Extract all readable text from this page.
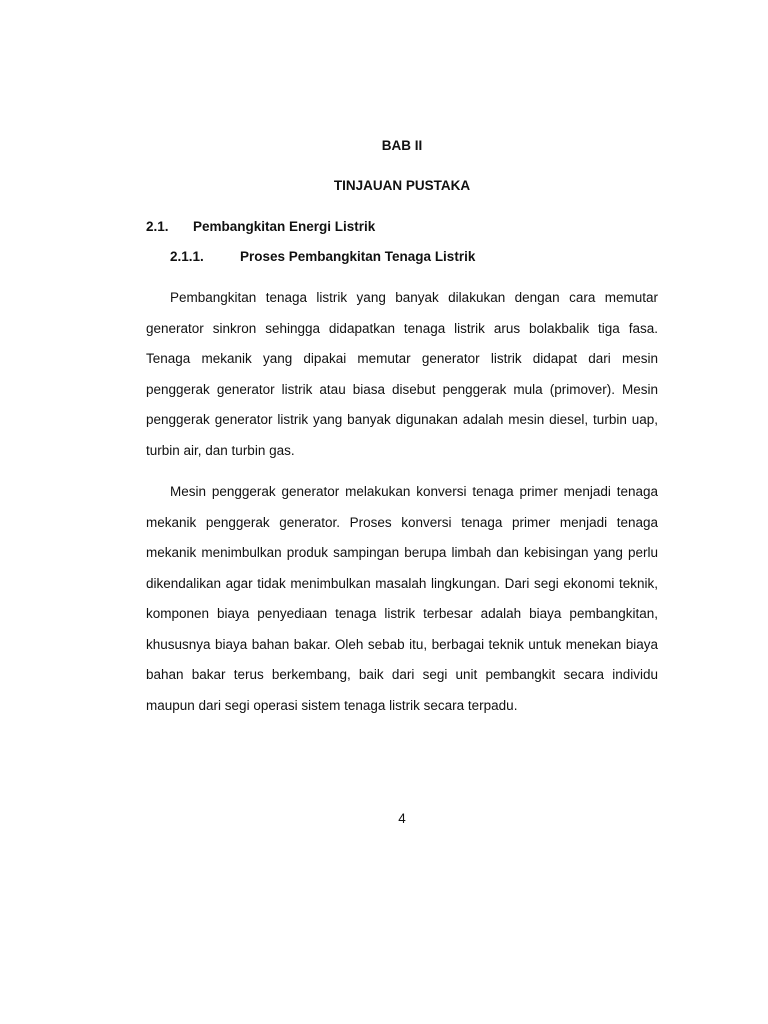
BAB II
TINJAUAN PUSTAKA
2.1. Pembangkitan Energi Listrik
2.1.1.	Proses Pembangkitan Tenaga Listrik

Pembangkitan tenaga listrik yang banyak dilakukan dengan cara memutar generator sinkron sehingga didapatkan tenaga listrik arus bolakbalik tiga fasa. Tenaga mekanik yang dipakai memutar generator listrik didapat dari mesin penggerak generator listrik atau biasa disebut penggerak mula (primover). Mesin penggerak generator listrik yang banyak digunakan adalah mesin diesel, turbin uap, turbin air, dan turbin gas.

Mesin penggerak generator melakukan konversi tenaga primer menjadi tenaga mekanik penggerak generator. Proses konversi tenaga primer menjadi tenaga mekanik menimbulkan produk sampingan berupa limbah dan kebisingan yang perlu dikendalikan agar tidak menimbulkan masalah lingkungan. Dari segi ekonomi teknik, komponen biaya penyediaan tenaga listrik terbesar adalah biaya pembangkitan, khususnya biaya bahan bakar. Oleh sebab itu, berbagai teknik untuk menekan biaya bahan bakar terus berkembang, baik dari segi unit pembangkit secara individu maupun dari segi operasi sistem tenaga listrik secara terpadu.

4
